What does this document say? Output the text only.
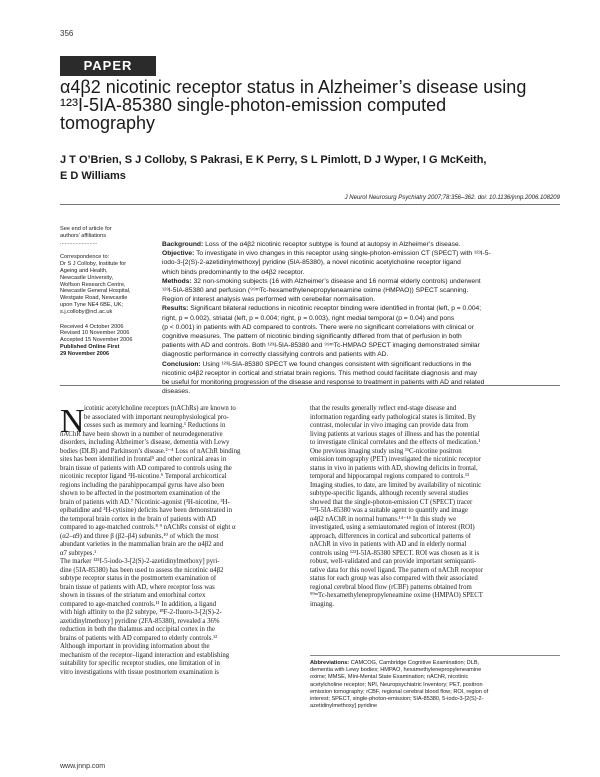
356
PAPER
α4β2 nicotinic receptor status in Alzheimer’s disease using
¹²³I-5IA-85380 single-photon-emission computed
tomography
J T O’Brien, S J Colloby, S Pakrasi, E K Perry, S L Pimlott, D J Wyper, I G McKeith,
E D Williams
J Neurol Neurosurg Psychiatry 2007;78:356–362. doi: 10.1136/jnnp.2006.108209
See end of article for
authors’ affiliations
........................
Correspondence to:
Dr S J Colloby, Institute for
Ageing and Health,
Newcastle University,
Wolfson Research Centre,
Newcastle General Hospital,
Westgate Road, Newcastle
upon Tyne NE4 6BE, UK;
s.j.colloby@ncl.ac.uk
Received 4 October 2006
Revised 10 November 2006
Accepted 15 November 2006
Published Online First
29 November 2006
Background: Loss of the α4β2 nicotinic receptor subtype is found at autopsy in Alzheimer’s disease.
Objective: To investigate in vivo changes in this receptor using single-photon-emission CT (SPECT) with ¹²³I-5-
iodo-3-[2(S)-2-azetidinylmethoxy] pyridine (5IA-85380), a novel nicotinic acetylcholine receptor ligand
which binds predominantly to the α4β2 receptor.
Methods: 32 non-smoking subjects (16 with Alzheimer’s disease and 16 normal elderly controls) underwent
¹²³I-5IA-85380 and perfusion (⁹⁹ᵐTc-hexamethylenepropyleneamine oxime (HMPAO)) SPECT scanning.
Region of interest analysis was performed with cerebellar normalisation.
Results: Significant bilateral reductions in nicotinic receptor binding were identified in frontal (left, p = 0.004;
right, p = 0.002), striatal (left, p = 0.004; right, p = 0.003), right medial temporal (p = 0.04) and pons
(p < 0.001) in patients with AD compared to controls. There were no significant correlations with clinical or
cognitive measures. The pattern of nicotinic binding significantly differed from that of perfusion in both
patients with AD and controls. Both ¹²³I-5IA-85380 and ⁹⁹ᵐTc-HMPAO SPECT imaging demonstrated similar
diagnostic performance in correctly classifying controls and patients with AD.
Conclusion: Using ¹²³I-5IA-85380 SPECT we found changes consistent with significant reductions in the
nicotinic α4β2 receptor in cortical and striatal brain regions. This method could facilitate diagnosis and may
be useful for monitoring progression of the disease and response to treatment in patients with AD and related
diseases.
N icotinic acetylcholine receptors (nAChRs) are known to
be associated with important neurophysiological pro-
cesses such as memory and learning.¹ Reductions in
nAChR have been shown in a number of neurodegenerative
disorders, including Alzheimer’s disease, dementia with Lewy
bodies (DLB) and Parkinson’s disease.²⁻⁴ Loss of nAChR binding
sites has been identified in frontal⁵ and other cortical areas in
brain tissue of patients with AD compared to controls using the
nicotinic receptor ligand ³H-nicotine.⁶ Temporal archicortical
regions including the parahippocampal gyrus have also been
shown to be affected in the postmortem examination of the
brain of patients with AD.⁷ Nicotinic-agonist (³H-nicotine, ³H-
epibatidine and ³H-cytisine) deficits have been demonstrated in
the temporal brain cortex in the brain of patients with AD
compared to age-matched controls.⁸ ⁹ nAChRs consist of eight α
(α2–α9) and three β (β2–β4) subunits,¹⁰ of which the most
abundant varieties in the mammalian brain are the α4β2 and
α7 subtypes.¹
The marker ¹²⁵I-5-iodo-3-[2(S)-2-azetidinylmethoxy] pyri-
dine (5IA-85380) has been used to assess the nicotinic α4β2
subtype receptor status in the postmortem examination of
brain tissue of patients with AD, where receptor loss was
shown in tissues of the striatum and entorhinal cortex
compared to age-matched controls.¹¹ In addition, a ligand
with high affinity to the β2 subtype, ¹⁸F-2-fluoro-3-[2(S)-2-
azetidinylmethoxy] pyridine (2FA-85380), revealed a 36%
reduction in both the thalamus and occipital cortex in the
brains of patients with AD compared to elderly controls.¹²
Although important in providing information about the
mechanism of the receptor–ligand interaction and establishing
suitability for specific receptor studies, one limitation of in
vitro investigations with tissue postmortem examination is
that the results generally reflect end-stage disease and
information regarding early pathological states is limited. By
contrast, molecular in vivo imaging can provide data from
living patients at various stages of illness and has the potential
to investigate clinical correlates and the effects of medication.¹
One previous imaging study using ¹¹C-nicotine positron
emission tomography (PET) investigated the nicotinic receptor
status in vivo in patients with AD, showing deficits in frontal,
temporal and hippocampal regions compared to controls.¹³
Imaging studies, to date, are limited by availability of nicotinic
subtype-specific ligands, although recently several studies
showed that the single-photon-emission CT (SPECT) tracer
¹²³I-5IA-85380 was a suitable agent to quantify and image
α4β2 nAChR in normal humans.¹⁴⁻¹⁶ In this study we
investigated, using a semiautomated region of interest (ROI)
approach, differences in cortical and subcortical patterns of
nAChR in vivo in patients with AD and in elderly normal
controls using ¹²³I-5IA-85380 SPECT. ROI was chosen as it is
robust, well-validated and can provide important semiquanti-
tative data for this novel ligand. The pattern of nAChR receptor
status for each group was also compared with their associated
regional cerebral blood flow (rCBF) patterns obtained from
⁹⁹ᵐTc-hexamethylenepropyleneamine oxime (HMPAO) SPECT
imaging.
Abbreviations: CAMCOG, Cambridge Cognitive Examination; DLB,
dementia with Lewy bodies; HMPAO, hexamethylenepropyleneamine
oxime; MMSE, Mini-Mental State Examination; nAChR, nicotinic
acetylcholine receptor; NPI, Neuropsychiatric Inventory; PET, positron
emission tomography; rCBF, regional cerebral blood flow; ROI, region of
interest; SPECT, single-photon-emission; 5IA-85380, 5-iodo-3-[2(S)-2-
azetidinylmethoxy] pyridine
www.jnnp.com
